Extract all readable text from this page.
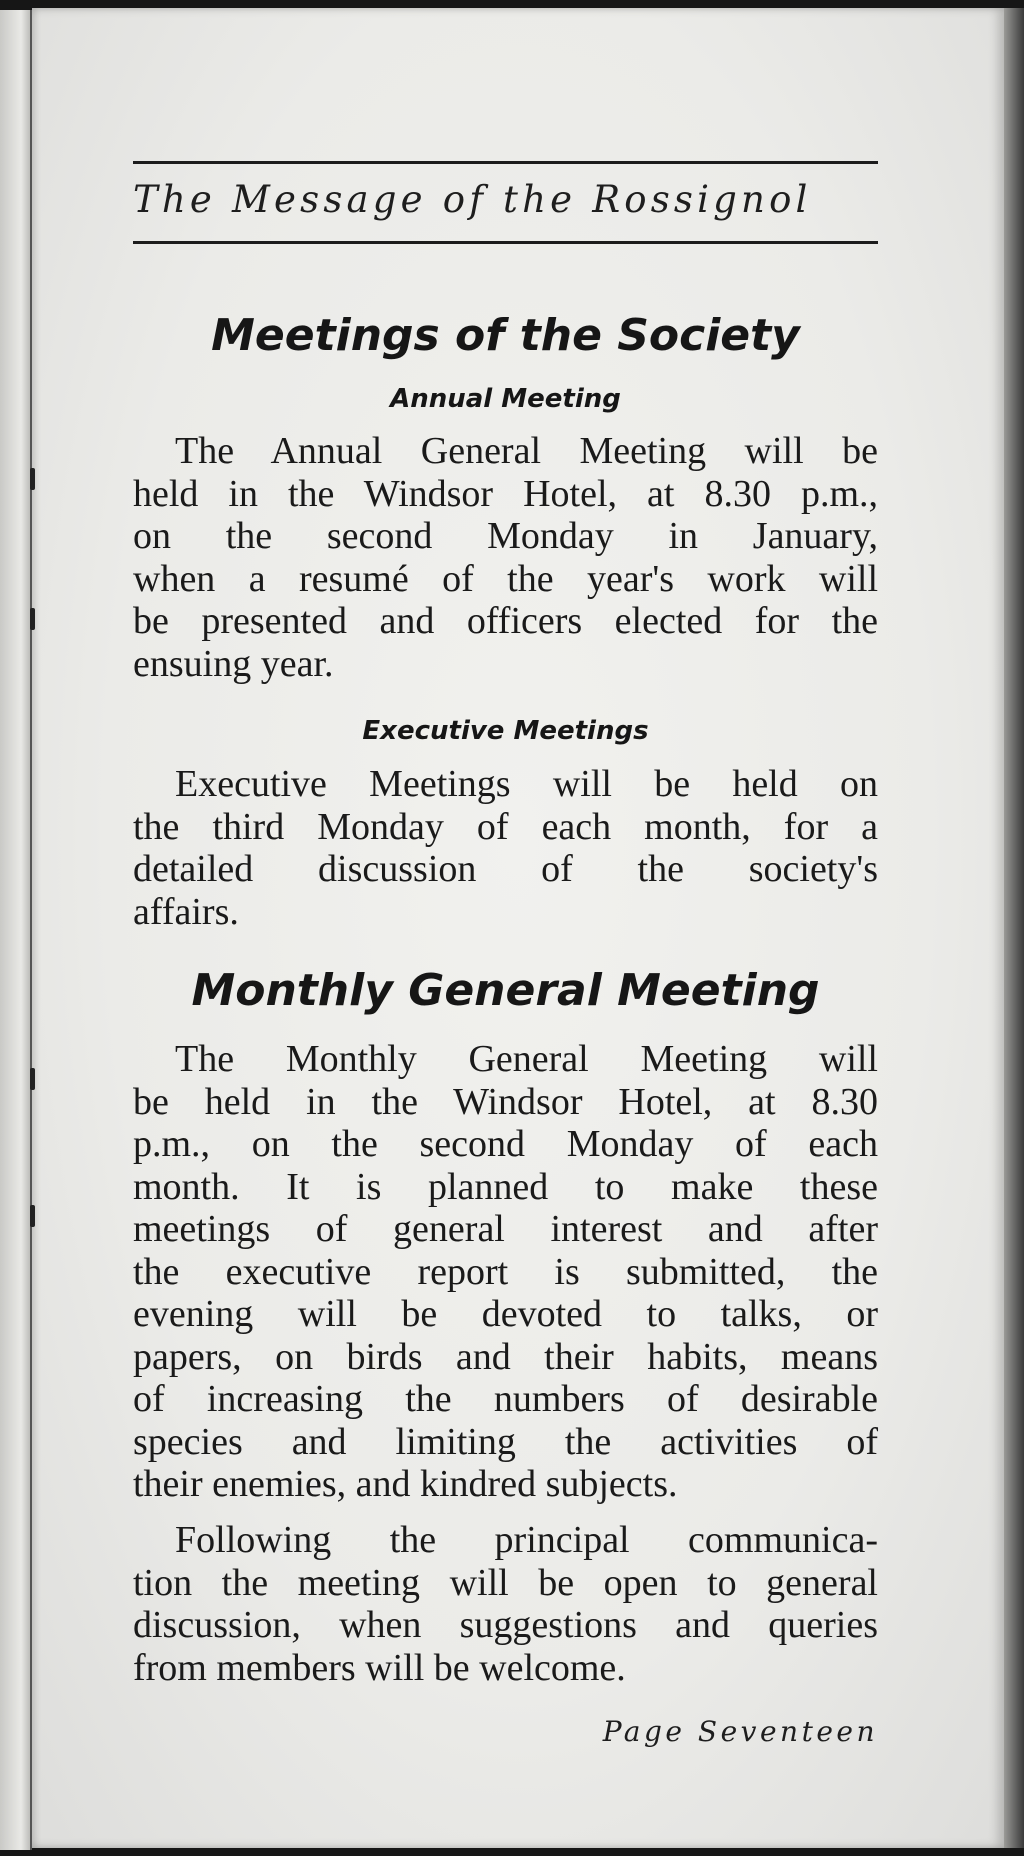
The Message of the Rossignol
Meetings of the Society
Annual Meeting
The Annual General Meeting will be
held in the Windsor Hotel, at 8.30 p.m.,
on the second Monday in January,
when a resumé of the year's work will
be presented and officers elected for the
ensuing year.
Executive Meetings
Executive Meetings will be held on
the third Monday of each month, for a
detailed discussion of the society's
affairs.
Monthly General Meeting
The Monthly General Meeting will
be held in the Windsor Hotel, at 8.30
p.m., on the second Monday of each
month. It is planned to make these
meetings of general interest and after
the executive report is submitted, the
evening will be devoted to talks, or
papers, on birds and their habits, means
of increasing the numbers of desirable
species and limiting the activities of
their enemies, and kindred subjects.
Following the principal communica-
tion the meeting will be open to general
discussion, when suggestions and queries
from members will be welcome.
Page Seventeen
